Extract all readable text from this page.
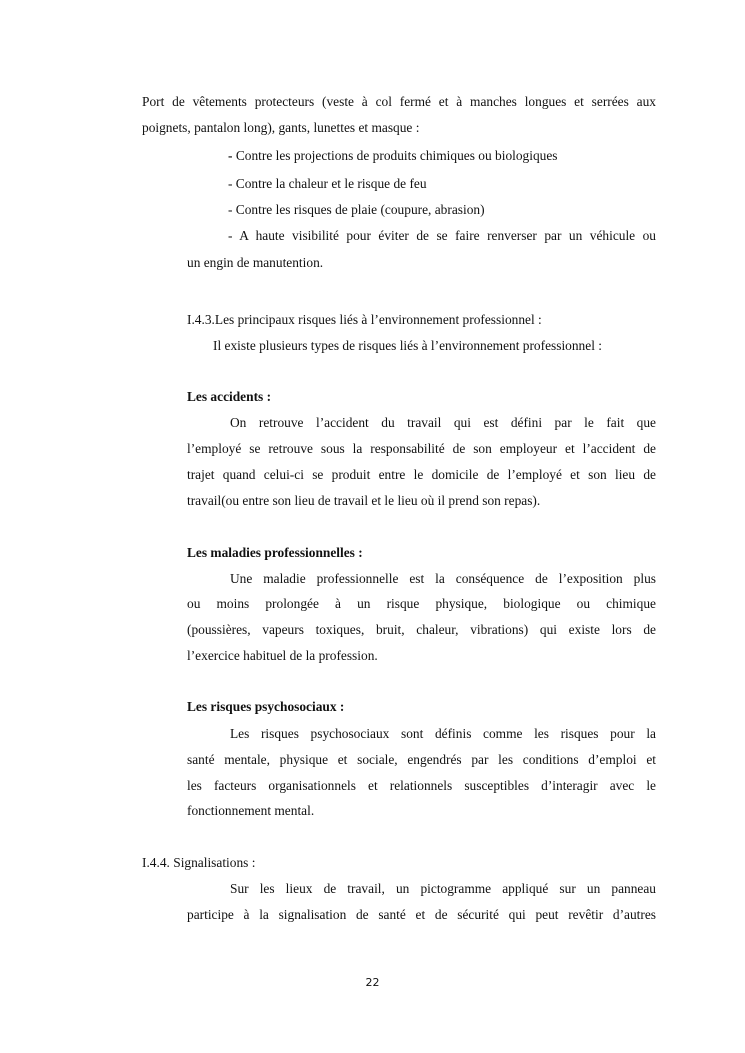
Port de vêtements protecteurs (veste à col fermé et à manches longues et serrées aux
poignets, pantalon long), gants, lunettes et masque :
- Contre les projections de produits chimiques ou biologiques
- Contre la chaleur et le risque de feu
- Contre les risques de plaie (coupure, abrasion)
- A haute visibilité pour éviter de se faire renverser par un véhicule ou
un engin de manutention.
I.4.3.Les principaux risques liés à l’environnement professionnel :
Il existe plusieurs types de risques liés à l’environnement professionnel :
Les accidents :
On retrouve l’accident du travail qui est défini par le fait que
l’employé se retrouve sous la responsabilité de son employeur et l’accident de
trajet quand celui-ci se produit entre le domicile de l’employé et son lieu de
travail(ou entre son lieu de travail et le lieu où il prend son repas).
Les maladies professionnelles :
Une maladie professionnelle est la conséquence de l’exposition plus
ou moins prolongée à un risque physique, biologique ou chimique
(poussières, vapeurs toxiques, bruit, chaleur, vibrations) qui existe lors de
l’exercice habituel de la profession.
Les risques psychosociaux :
Les risques psychosociaux sont définis comme les risques pour la
santé mentale, physique et sociale, engendrés par les conditions d’emploi et
les facteurs organisationnels et relationnels susceptibles d’interagir avec le
fonctionnement mental.
I.4.4. Signalisations :
Sur les lieux de travail, un pictogramme appliqué sur un panneau
participe à la signalisation de santé et de sécurité qui peut revêtir d’autres
22
